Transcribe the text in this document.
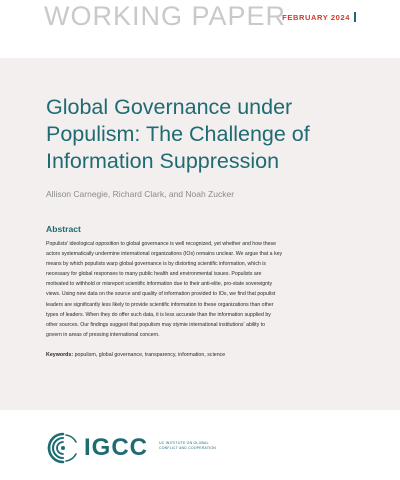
WORKING PAPER
FEBRUARY 2024
Global Governance under
Populism: The Challenge of
Information Suppression
Allison Carnegie, Richard Clark, and Noah Zucker
Abstract
Populists' ideological opposition to global governance is well recognized, yet whether and how these
actors systematically undermine international organizations (IOs) remains unclear. We argue that a key
means by which populists warp global governance is by distorting scientific information, which is
necessary for global responses to many public health and environmental issues. Populists are
motivated to withhold or misreport scientific information due to their anti-elite, pro-state sovereignty
views. Using new data on the source and quality of information provided to IOs, we find that populist
leaders are significantly less likely to provide scientific information to these organizations than other
types of leaders. When they do offer such data, it is less accurate than the information supplied by
other sources. Our findings suggest that populism may stymie international institutions' ability to
govern in areas of pressing international concern.
Keywords: populism, global governance, transparency, information, science
IGCC	UC INSTITUTE ON GLOBAL
CONFLICT AND COOPERATION
